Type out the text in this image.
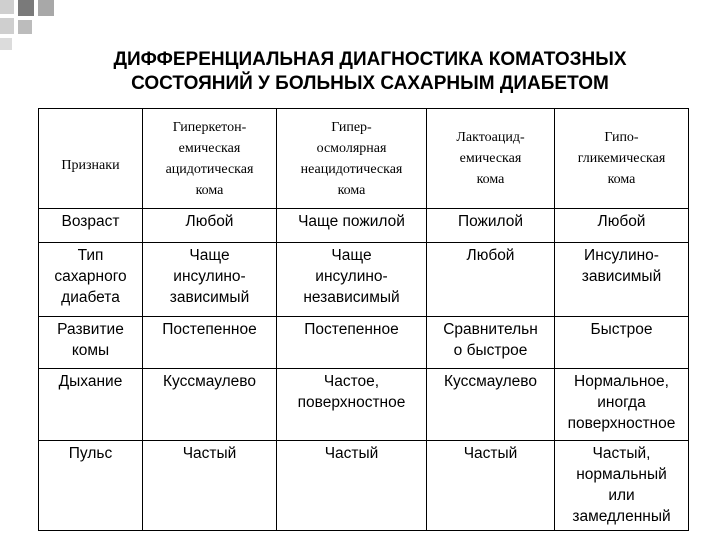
ДИФФЕРЕНЦИАЛЬНАЯ ДИАГНОСТИКА КОМАТОЗНЫХ
СОСТОЯНИЙ У БОЛЬНЫХ САХАРНЫМ ДИАБЕТОМ
Признаки	Гиперкетон-
емическая
ацидотическая
кома	Гипер-
осмолярная
неацидотическая
кома	Лактоацид-
емическая
кома	Гипо-
гликемическая
кома

Возраст	Любой	Чаще пожилой	Пожилой	Любой

Тип
сахарного
диабета	Чаще
инсулино-
зависимый	Чаще
инсулино-
независимый	Любой	Инсулино-
зависимый

Развитие
комы	Постепенное	Постепенное	Сравнительн
о быстрое	Быстрое

Дыхание	Куссмаулево	Частое,
поверхностное	Куссмаулево	Нормальное,
иногда
поверхностное

Пульс	Частый	Частый	Частый	Частый,
нормальный
или
замедленный
